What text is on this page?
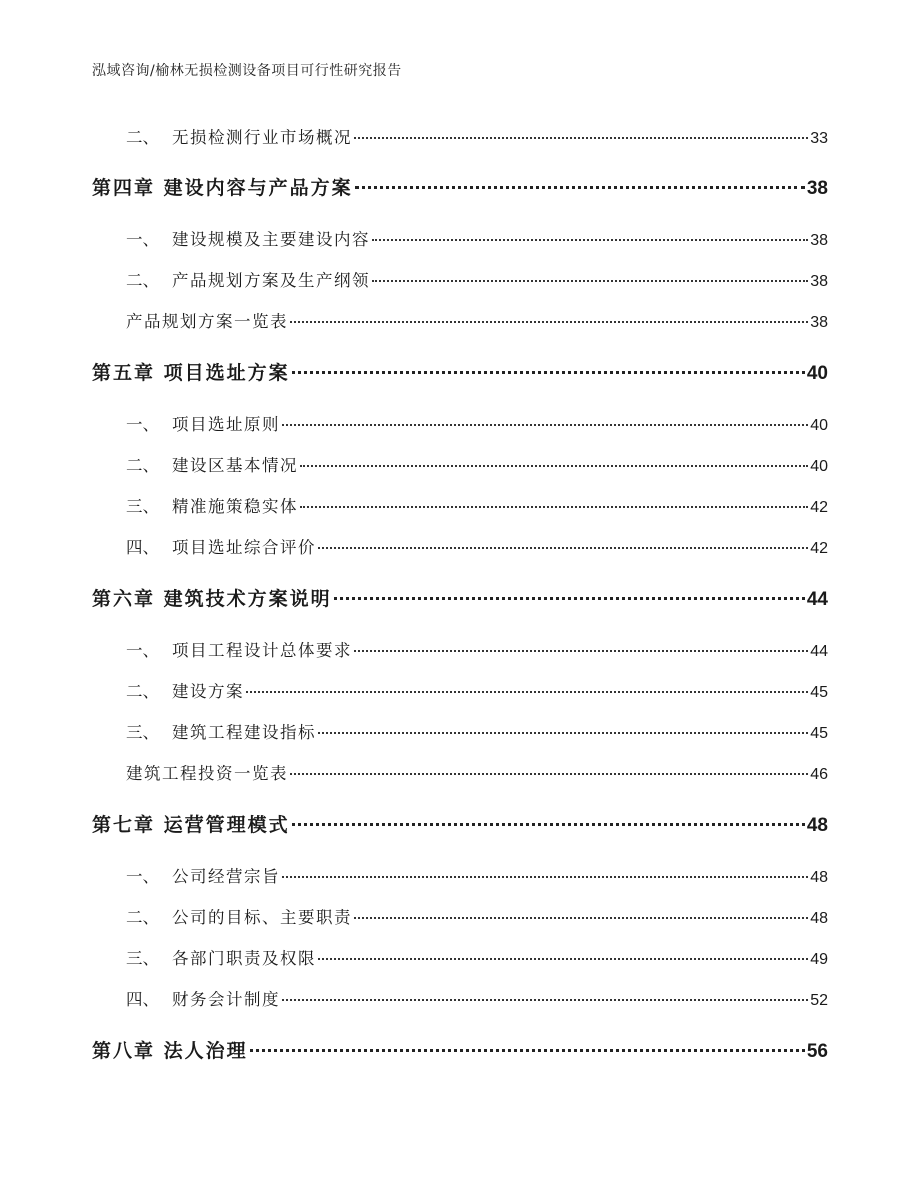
泓域咨询/榆林无损检测设备项目可行性研究报告
二、 无损检测行业市场概况	33
第四章 建设内容与产品方案	38
一、 建设规模及主要建设内容	38
二、 产品规划方案及生产纲领	38
产品规划方案一览表	38
第五章 项目选址方案	40
一、 项目选址原则	40
二、 建设区基本情况	40
三、 精准施策稳实体	42
四、 项目选址综合评价	42
第六章 建筑技术方案说明	44
一、 项目工程设计总体要求	44
二、 建设方案	45
三、 建筑工程建设指标	45
建筑工程投资一览表	46
第七章 运营管理模式	48
一、 公司经营宗旨	48
二、 公司的目标、主要职责	48
三、 各部门职责及权限	49
四、 财务会计制度	52
第八章 法人治理	56
